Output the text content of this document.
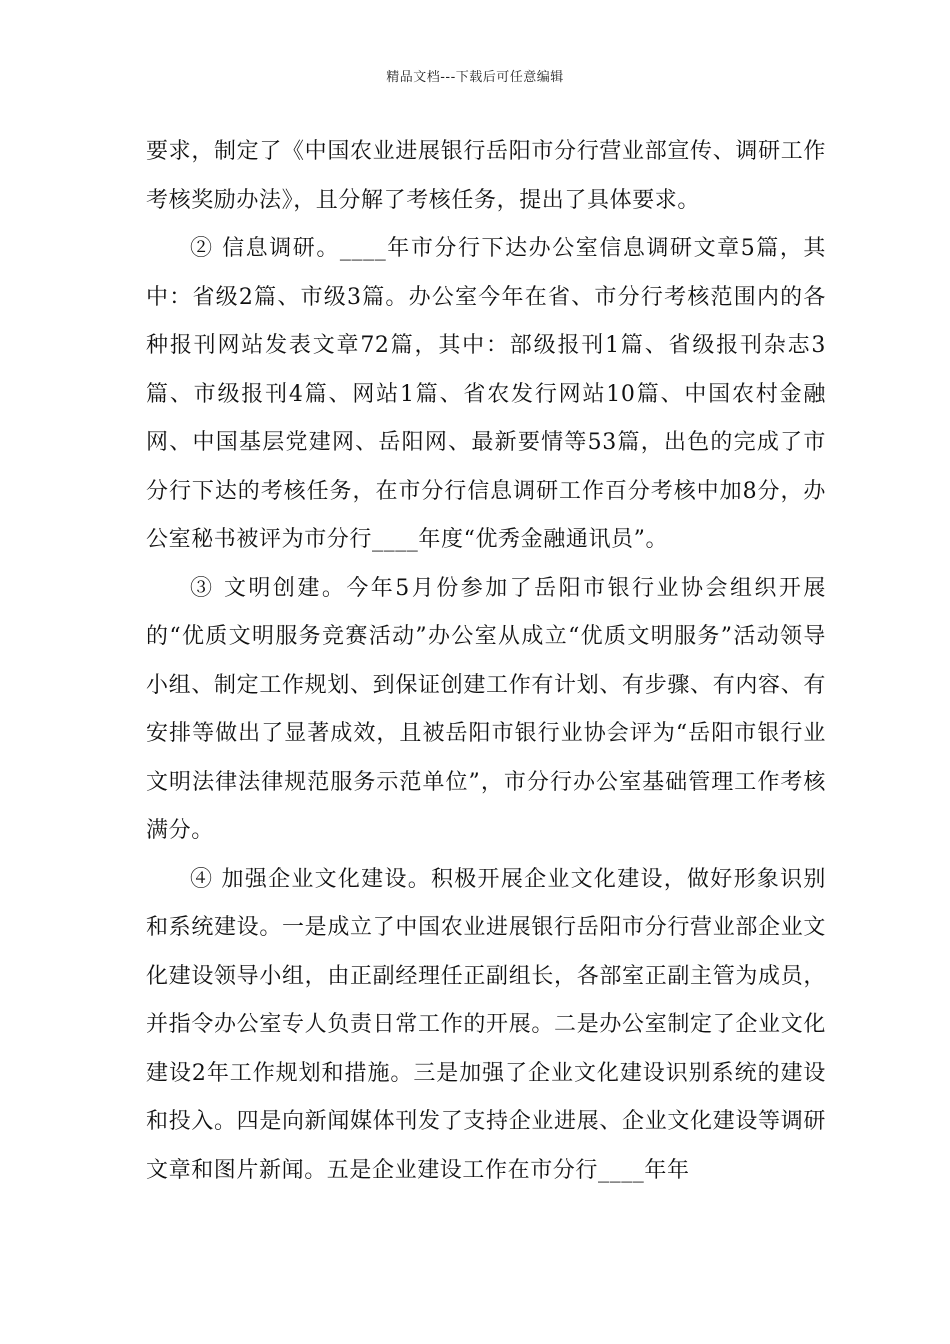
精品文档---下载后可任意编辑

要求，制定了《中国农业进展银行岳阳市分行营业部宣传、调研工作考核奖励办法》，且分解了考核任务，提出了具体要求。

② 信息调研。____年市分行下达办公室信息调研文章5篇，其中：省级2篇、市级3篇。办公室今年在省、市分行考核范围内的各种报刊网站发表文章72篇，其中：部级报刊1篇、省级报刊杂志3篇、市级报刊4篇、网站1篇、省农发行网站10篇、中国农村金融网、中国基层党建网、岳阳网、最新要情等53篇，出色的完成了市分行下达的考核任务，在市分行信息调研工作百分考核中加8分，办公室秘书被评为市分行____年度“优秀金融通讯员”。

③ 文明创建。今年5月份参加了岳阳市银行业协会组织开展的“优质文明服务竞赛活动”办公室从成立“优质文明服务”活动领导小组、制定工作规划、到保证创建工作有计划、有步骤、有内容、有安排等做出了显著成效，且被岳阳市银行业协会评为“岳阳市银行业文明法律法律规范服务示范单位”，市分行办公室基础管理工作考核满分。

④ 加强企业文化建设。积极开展企业文化建设，做好形象识别和系统建设。一是成立了中国农业进展银行岳阳市分行营业部企业文化建设领导小组，由正副经理任正副组长，各部室正副主管为成员，并指令办公室专人负责日常工作的开展。二是办公室制定了企业文化建设2年工作规划和措施。三是加强了企业文化建设识别系统的建设和投入。四是向新闻媒体刊发了支持企业进展、企业文化建设等调研文章和图片新闻。五是企业建设工作在市分行____年年
